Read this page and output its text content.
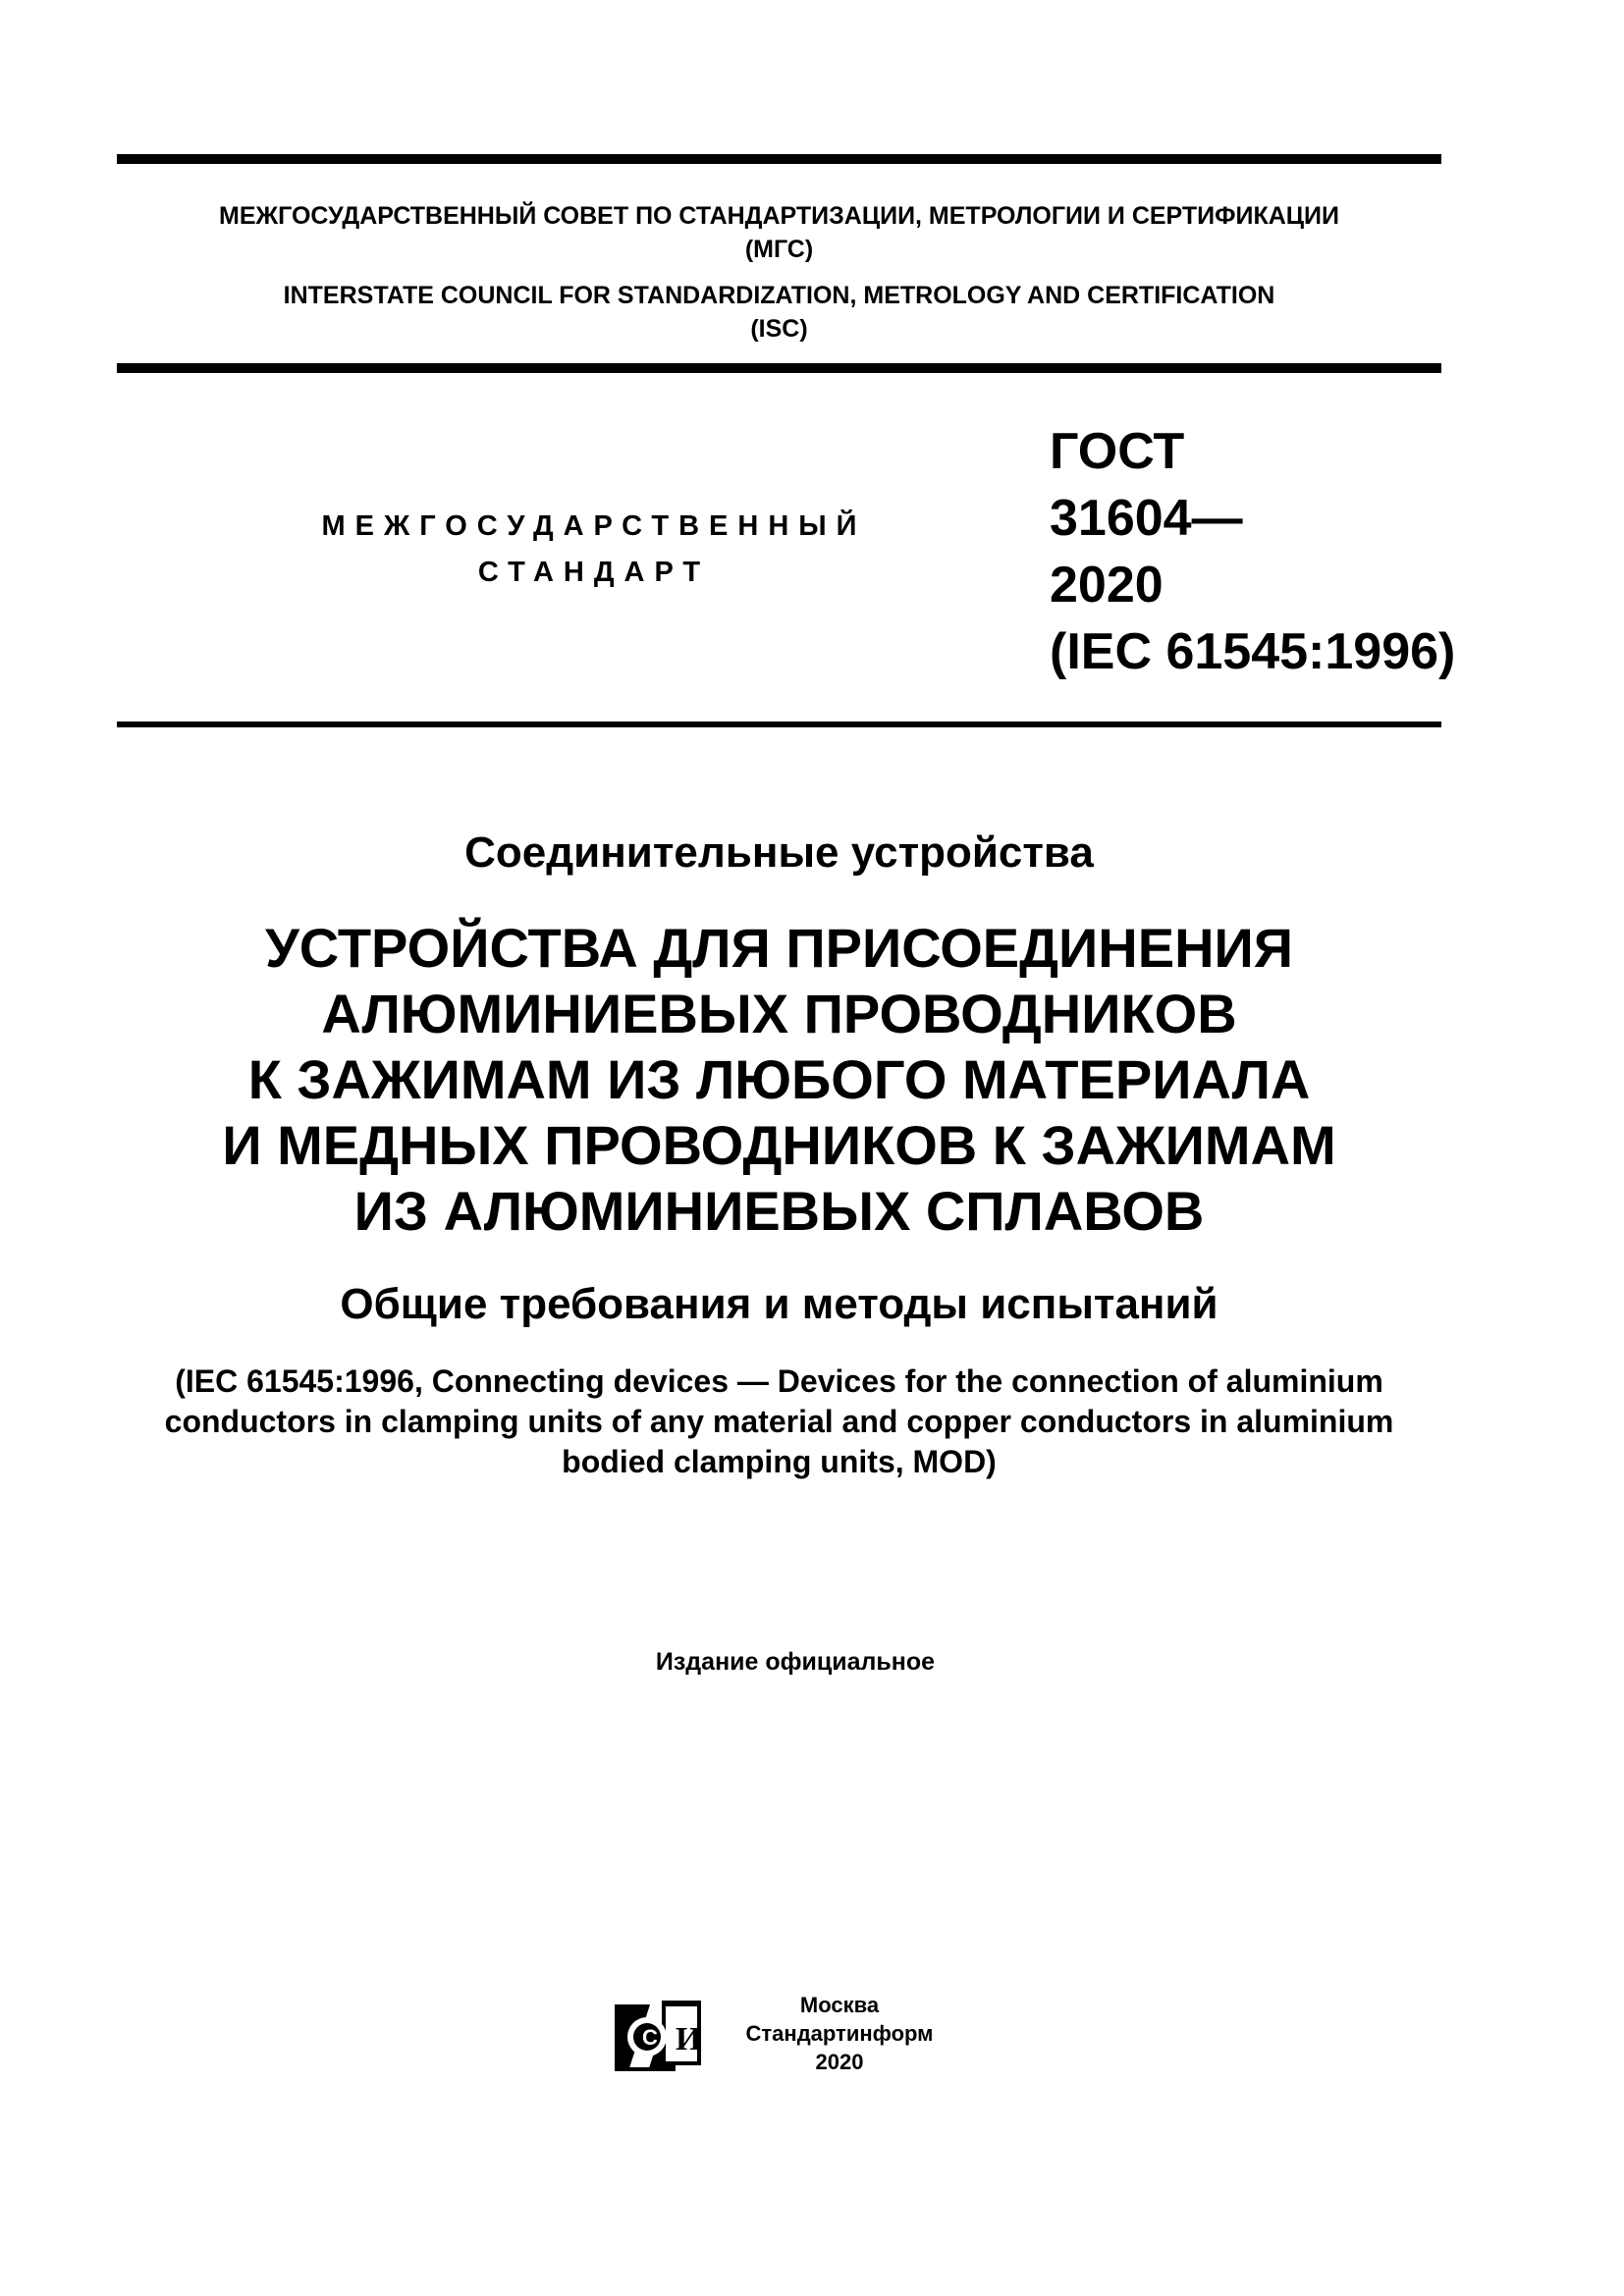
МЕЖГОСУДАРСТВЕННЫЙ СОВЕТ ПО СТАНДАРТИЗАЦИИ, МЕТРОЛОГИИ И СЕРТИФИКАЦИИ
(МГС)
INTERSTATE COUNCIL FOR STANDARDIZATION, METROLOGY AND CERTIFICATION
(ISC)
МЕЖГОСУДАРСТВЕННЫЙ
СТАНДАРТ
ГОСТ
31604—
2020
(IEC 61545:1996)
Соединительные устройства
УСТРОЙСТВА ДЛЯ ПРИСОЕДИНЕНИЯ
АЛЮМИНИЕВЫХ ПРОВОДНИКОВ
К ЗАЖИМАМ ИЗ ЛЮБОГО МАТЕРИАЛА
И МЕДНЫХ ПРОВОДНИКОВ К ЗАЖИМАМ
ИЗ АЛЮМИНИЕВЫХ СПЛАВОВ
Общие требования и методы испытаний
(IEC 61545:1996, Connecting devices — Devices for the connection of aluminium
conductors in clamping units of any material and copper conductors in aluminium
bodied clamping units, MOD)
Издание официальное
С И
Москва
Стандартинформ
2020
